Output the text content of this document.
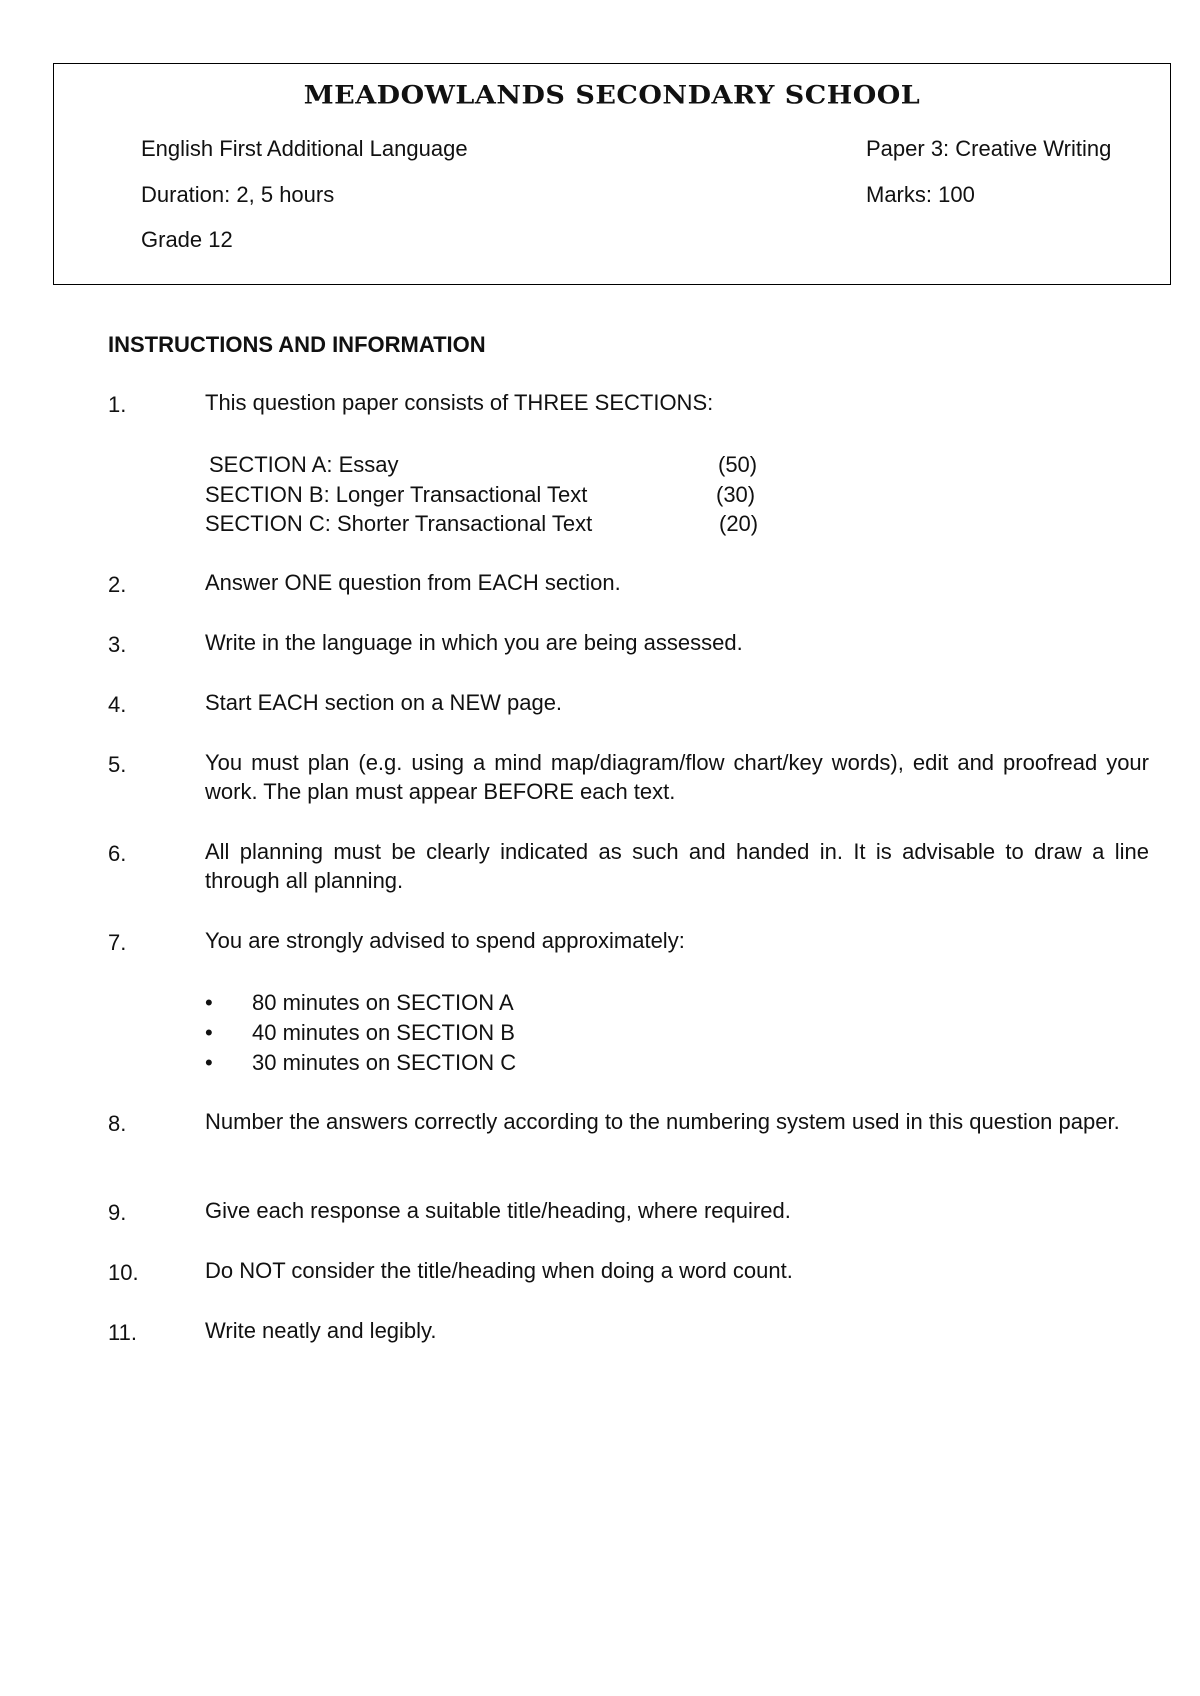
MEADOWLANDS SECONDARY SCHOOL
English First Additional Language	Paper 3: Creative Writing
Duration: 2, 5 hours	Marks: 100
Grade 12
INSTRUCTIONS AND INFORMATION
1.	This question paper consists of THREE SECTIONS:
SECTION A: Essay	(50)
SECTION B: Longer Transactional Text	(30)
SECTION C: Shorter Transactional Text	(20)
2.	Answer ONE question from EACH section.
3.	Write in the language in which you are being assessed.
4.	Start EACH section on a NEW page.
5.	You must plan (e.g. using a mind map/diagram/flow chart/key words), edit and proofread your work. The plan must appear BEFORE each text.
6.	All planning must be clearly indicated as such and handed in. It is advisable to draw a line through all planning.
7.	You are strongly advised to spend approximately:
• 80 minutes on SECTION A
• 40 minutes on SECTION B
• 30 minutes on SECTION C
8.	Number the answers correctly according to the numbering system used in this question paper.
9.	Give each response a suitable title/heading, where required.
10.	Do NOT consider the title/heading when doing a word count.
11.	Write neatly and legibly.
